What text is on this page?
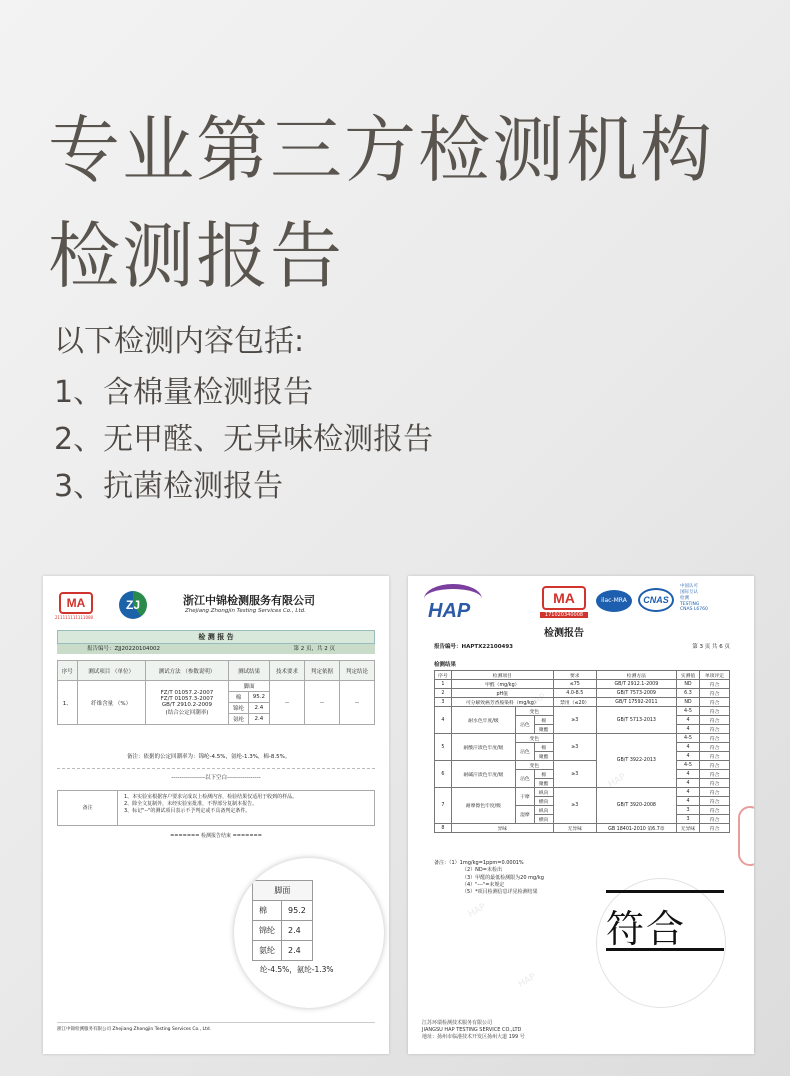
专业第三方检测机构
检测报告
以下检测内容包括:
1、含棉量检测报告
2、无甲醛、无异味检测报告
3、抗菌检测报告
MA
211111111111080
ZJ	浙江中锦检测服务有限公司
Zhejiang Zhongjin Testing Services Co., Ltd.
检 测 报 告
报告编号：ZJJ20220104002	第 2 页，共 2 页
序号	测试项目 （单位）	测试方法 （参数说明）	测试结果		技术要求	判定依据	判定结论
1、	纤维含量 （%）	FZ/T 01057.2-2007
FZ/T 01057.3-2007
GB/T 2910.2-2009
(结合公定回潮率)	脚面		--	--	--
			棉	95.2			
			锦纶	2.4			
			氨纶	2.4			
备注：依据的公定回潮率为：锦纶-4.5%，氨纶-1.3%，棉-8.5%。
-----------------以下空白-----------------
备注
1、本实验室根据客户要求完成以上检测内容，检验结果仅适用于收到的样品。
2、除全文复制外，未经实验室批准，不得部分复制本报告。
3、标记"--"的测试项目表示不予判定或不具备判定条件。
======= 检测报告结束 =======
脚面	
棉	95.2
锦纶	2.4
氨纶	2.4
纶-4.5%，氨纶-1.3%
浙江中锦检测服务有限公司 Zhejiang Zhongjin Testing Services Co., Ltd.
HAP
HAP
HAP
HAP
HAP
MA
171020340008
ilac-MRA	CNAS
中国认可
国际互认
检测
TESTING
CNAS L6760
检测报告
报告编号：HAPTX22100493	第 3 页 共 6 页
检测结果
序号	检测项目			要求	检测方法	实测值	单项评定
1	甲醛（mg/kg）			≤75	GB/T 2912.1-2009	ND	符合
2	pH值			4.0-8.5	GB/T 7573-2009	6.3	符合
3	可分解致癌芳香胺染料（mg/kg）			禁用（≤20）	GB/T 17592-2011	ND	符合
4	耐水色牢度/级	变色		≥3	GB/T 5713-2013	4-5	符合
		沾色	棉			4	符合
			聚酯			4	符合
5	耐酸汗渍色牢度/级	变色		≥3	GB/T 3922-2013	4-5	符合
		沾色	棉			4	符合
			聚酯			4	符合
6	耐碱汗渍色牢度/级	变色		≥3		4-5	符合
		沾色	棉			4	符合
			聚酯			4	符合
7	耐摩擦色牢度/级	干摩	纵向	≥3	GB/T 3920-2008	4	符合
			横向			4	符合
		湿摩	纵向			3	符合
			横向			3	符合
8	异味			无异味	GB 18401-2010 第6.7章	无异味	符合
备注：（1）1mg/kg=1ppm=0.0001%
（2）ND=未检出
（3）甲醛的最低检测限为20 mg/kg
（4）"---"=未规定
（5）*项目检测信息详见检测结果
符合
江苏环瑞检测技术服务有限公司
JIANGSU HAP TESTING SERVICE CO.,LTD
地址：扬州市临港技术开发区扬州大道 199 号
